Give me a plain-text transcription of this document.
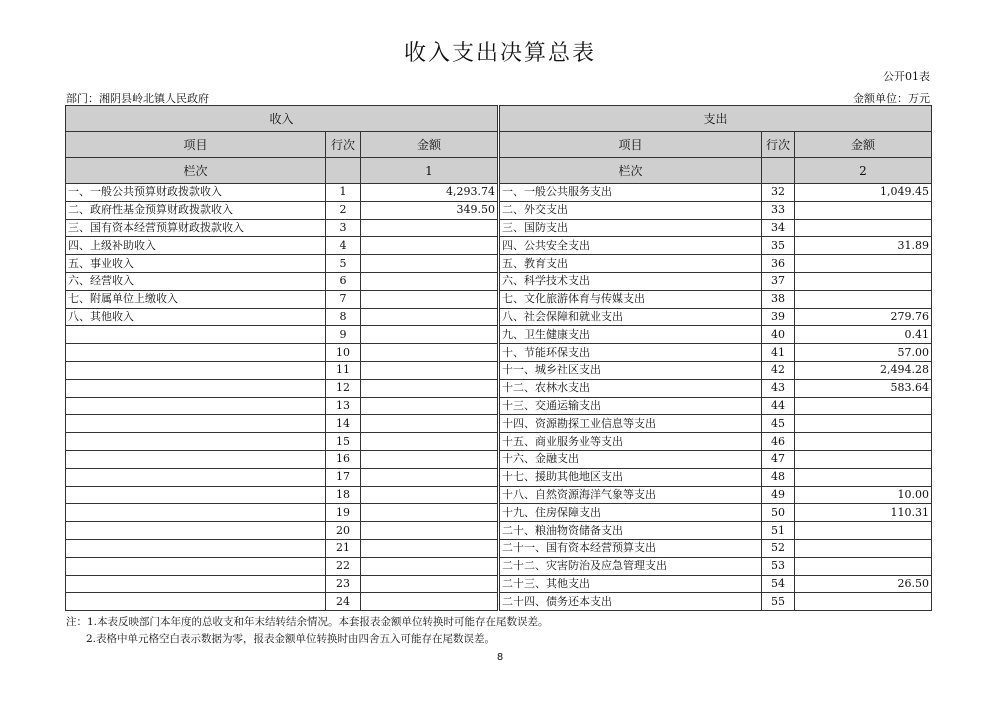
收入支出决算总表
公开01表
部门：湘阴县岭北镇人民政府	金额单位：万元
收入				支出		
项目	行次	金额		项目	行次	金额
栏次		1		栏次		2
一、一般公共预算财政拨款收入	1	4,293.74		一、一般公共服务支出	32	1,049.45
二、政府性基金预算财政拨款收入	2	349.50		二、外交支出	33	
三、国有资本经营预算财政拨款收入	3			三、国防支出	34	
四、上级补助收入	4			四、公共安全支出	35	31.89
五、事业收入	5			五、教育支出	36	
六、经营收入	6			六、科学技术支出	37	
七、附属单位上缴收入	7			七、文化旅游体育与传媒支出	38	
八、其他收入	8			八、社会保障和就业支出	39	279.76
	9			九、卫生健康支出	40	0.41
	10			十、节能环保支出	41	57.00
	11			十一、城乡社区支出	42	2,494.28
	12			十二、农林水支出	43	583.64
	13			十三、交通运输支出	44	
	14			十四、资源勘探工业信息等支出	45	
	15			十五、商业服务业等支出	46	
	16			十六、金融支出	47	
	17			十七、援助其他地区支出	48	
	18			十八、自然资源海洋气象等支出	49	10.00
	19			十九、住房保障支出	50	110.31
	20			二十、粮油物资储备支出	51	
	21			二十一、国有资本经营预算支出	52	
	22			二十二、灾害防治及应急管理支出	53	
	23			二十三、其他支出	54	26.50
	24			二十四、债务还本支出	55	
注：1.本表反映部门本年度的总收支和年末结转结余情况。本套报表金额单位转换时可能存在尾数误差。
2.表格中单元格空白表示数据为零，报表金额单位转换时由四舍五入可能存在尾数误差。
8
